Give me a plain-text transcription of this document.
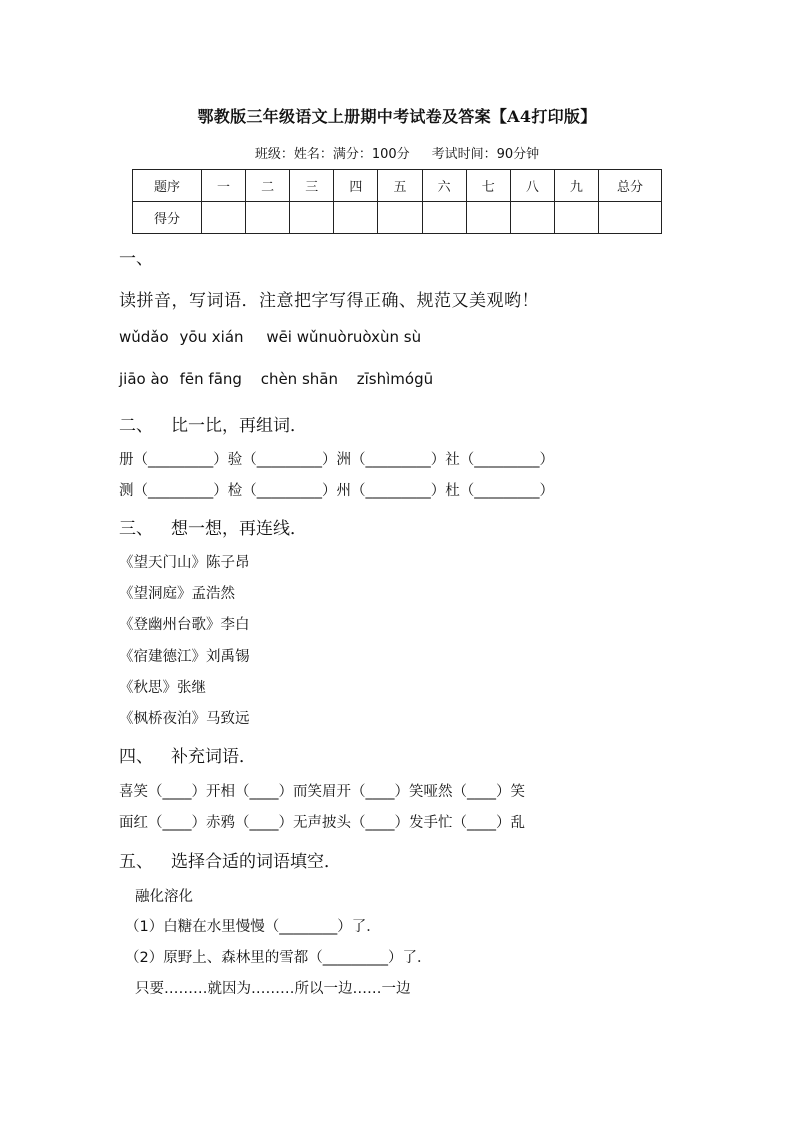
鄂教版三年级语文上册期中考试卷及答案【A4打印版】
班级：姓名：满分：100分 考试时间：90分钟
题序	一	二	三	四	五	六	七	八	九	总分
得分										
一、
读拼音，写词语．注意把字写得正确、规范又美观哟！
wǔdǎo yōu xián wēi wǔnuòruòxùn sù
jiāo ào fēn fāng chèn shān zīshìmógū
二、 比一比，再组词．
册（_________）验（_________）洲（_________）社（_________）
测（_________）检（_________）州（_________）杜（_________）
三、 想一想，再连线．
《望天门山》陈子昂
《望洞庭》孟浩然
《登幽州台歌》李白
《宿建德江》刘禹锡
《秋思》张继
《枫桥夜泊》马致远
四、 补充词语．
喜笑（____）开相（____）而笑眉开（____）笑哑然（____）笑
面红（____）赤鸦（____）无声披头（____）发手忙（____）乱
五、 选择合适的词语填空．
融化溶化
（1）白糖在水里慢慢（________）了．
（2）原野上、森林里的雪都（_________）了．
只要………就因为………所以一边……一边
